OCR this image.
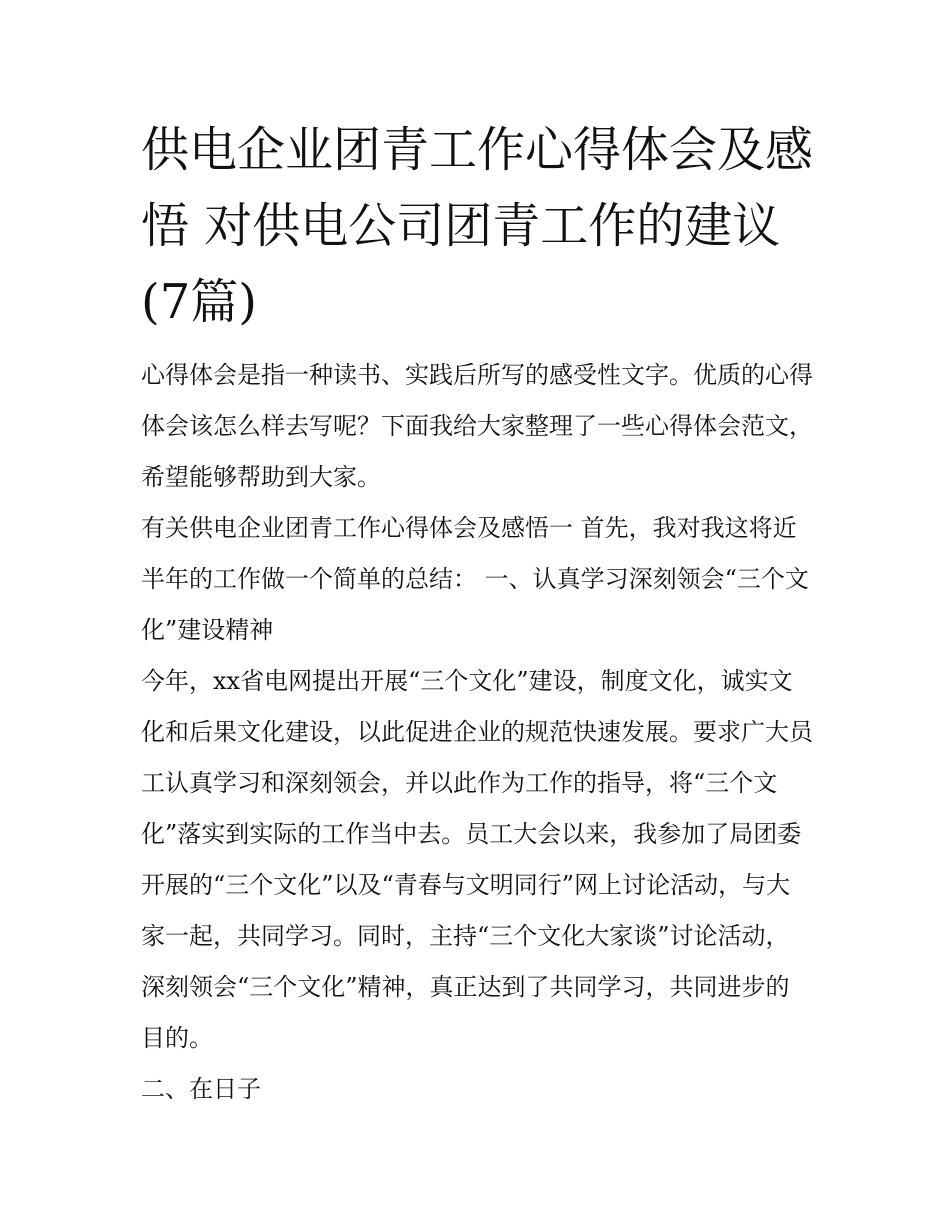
供电企业团青工作心得体会及感悟 对供电公司团青工作的建议(7篇)

心得体会是指一种读书、实践后所写的感受性文字。优质的心得体会该怎么样去写呢？下面我给大家整理了一些心得体会范文，希望能够帮助到大家。

有关供电企业团青工作心得体会及感悟一 首先，我对我这将近半年的工作做一个简单的总结： 一、认真学习深刻领会“三个文化”建设精神

今年，xx省电网提出开展“三个文化”建设，制度文化，诚实文化和后果文化建设，以此促进企业的规范快速发展。要求广大员工认真学习和深刻领会，并以此作为工作的指导，将“三个文化”落实到实际的工作当中去。员工大会以来，我参加了局团委开展的“三个文化”以及“青春与文明同行”网上讨论活动，与大家一起，共同学习。同时，主持“三个文化大家谈”讨论活动，深刻领会“三个文化”精神，真正达到了共同学习，共同进步的目的。

二、在日子
